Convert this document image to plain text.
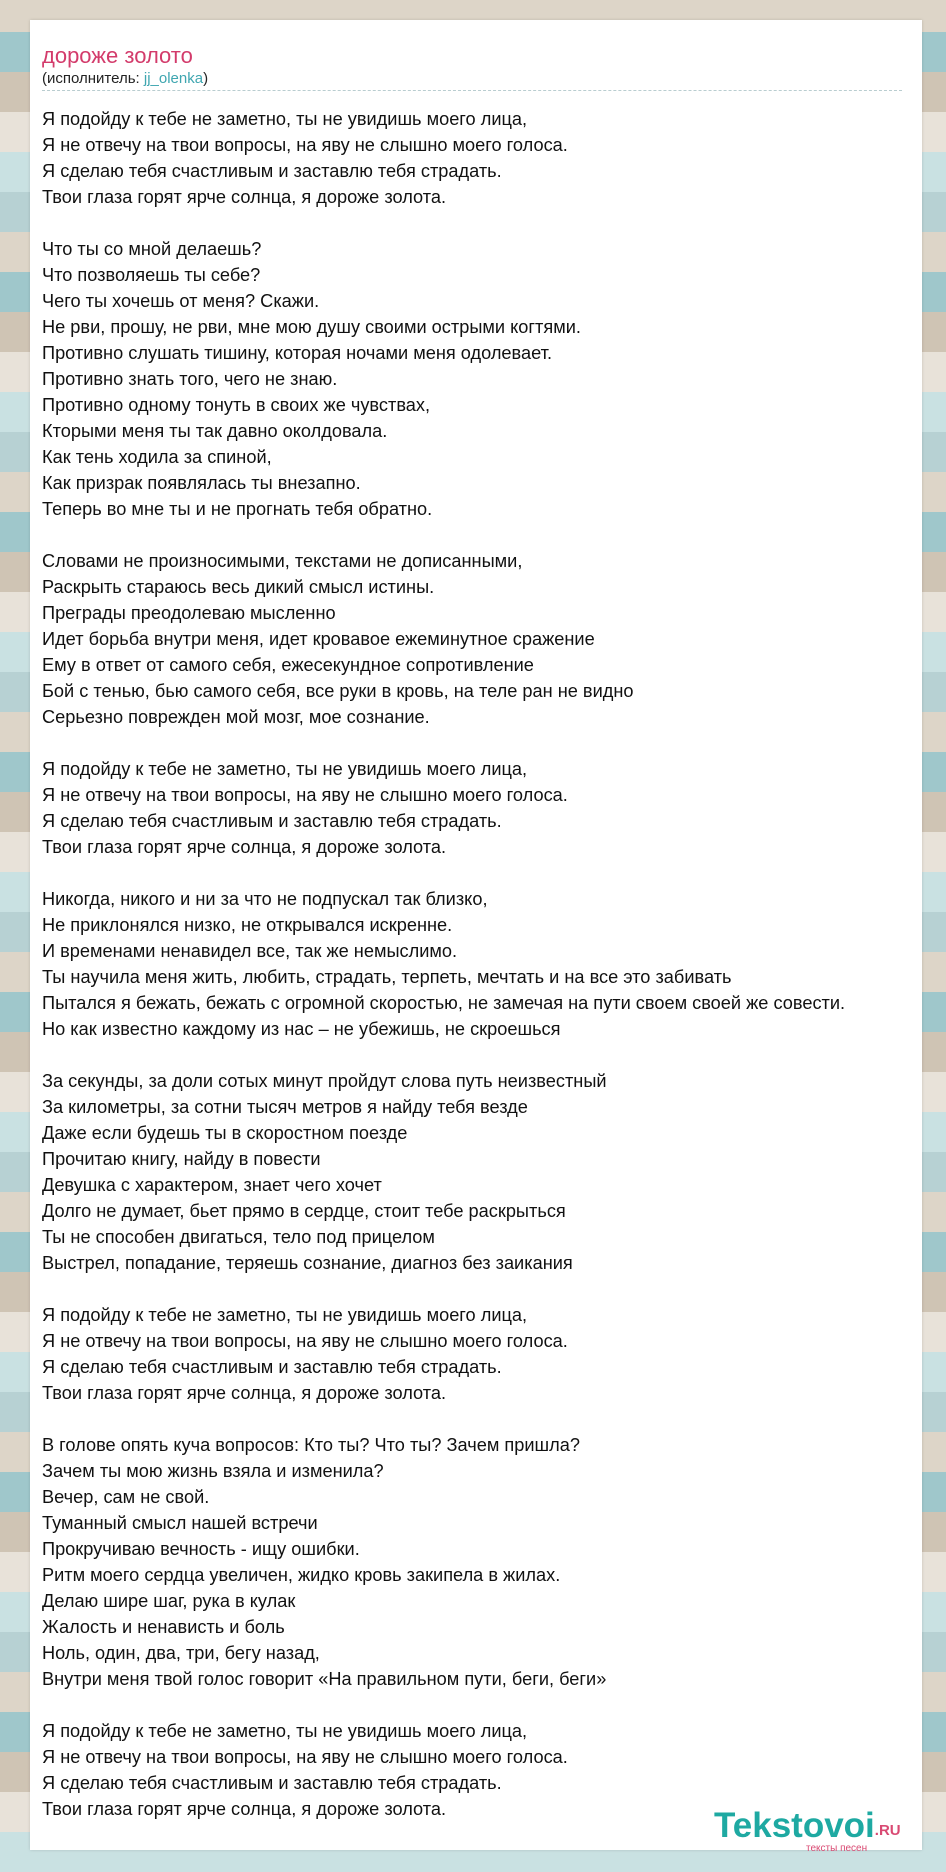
дороже золото
(исполнитель: jj_olenka)
Я подойду к тебе не заметно, ты не увидишь моего лица,
Я не отвечу на твои вопросы, на яву не слышно моего голоса.
Я сделаю тебя счастливым и заставлю тебя страдать.
Твои глаза горят ярче солнца, я дороже золота.
Что ты со мной делаешь?
Что позволяешь ты себе?
Чего ты хочешь от меня? Скажи.
Не рви, прошу, не рви, мне мою душу своими острыми когтями.
Противно слушать тишину, которая ночами меня одолевает.
Противно знать того, чего не знаю.
Противно одному тонуть в своих же чувствах,
Кторыми меня ты так давно околдовала.
Как тень ходила за спиной,
Как призрак появлялась ты внезапно.
Теперь во мне ты и не прогнать тебя обратно.
Словами не произносимыми, текстами не дописанными,
Раскрыть стараюсь весь дикий смысл истины.
Преграды преодолеваю мысленно
Идет борьба внутри меня, идет кровавое ежеминутное сражение
Ему в ответ от самого себя, ежесекундное сопротивление
Бой с тенью, бью самого себя, все руки в кровь, на теле ран не видно
Серьезно поврежден мой мозг, мое сознание.
Я подойду к тебе не заметно, ты не увидишь моего лица,
Я не отвечу на твои вопросы, на яву не слышно моего голоса.
Я сделаю тебя счастливым и заставлю тебя страдать.
Твои глаза горят ярче солнца, я дороже золота.
Никогда, никого и ни за что не подпускал так близко,
Не приклонялся низко, не открывался искренне.
И временами ненавидел все, так же немыслимо.
Ты научила меня жить, любить, страдать, терпеть, мечтать и на все это забивать
Пытался я бежать, бежать с огромной скоростью, не замечая на пути своем своей же совести.
Но как известно каждому из нас – не убежишь, не скроешься
За секунды, за доли сотых минут пройдут слова путь неизвестный
За километры, за сотни тысяч метров я найду тебя везде
Даже если будешь ты в скоростном поезде
Прочитаю книгу, найду в повести
Девушка с характером, знает чего хочет
Долго не думает, бьет прямо в сердце, стоит тебе раскрыться
Ты не способен двигаться, тело под прицелом
Выстрел, попадание, теряешь сознание, диагноз без заикания
Я подойду к тебе не заметно, ты не увидишь моего лица,
Я не отвечу на твои вопросы, на яву не слышно моего голоса.
Я сделаю тебя счастливым и заставлю тебя страдать.
Твои глаза горят ярче солнца, я дороже золота.
В голове опять куча вопросов: Кто ты? Что ты? Зачем пришла?
Зачем ты мою жизнь взяла и изменила?
Вечер, сам не свой.
Туманный смысл нашей встречи
Прокручиваю вечность - ищу ошибки.
Ритм моего сердца увеличен, жидко кровь закипела в жилах.
Делаю шире шаг, рука в кулак
Жалость и ненависть и боль
Ноль, один, два, три, бегу назад,
Внутри меня твой голос говорит «На правильном пути, беги, беги»
Я подойду к тебе не заметно, ты не увидишь моего лица,
Я не отвечу на твои вопросы, на яву не слышно моего голоса.
Я сделаю тебя счастливым и заставлю тебя страдать.
Твои глаза горят ярче солнца, я дороже золота.	Tekstovoi.RU
тексты песен
